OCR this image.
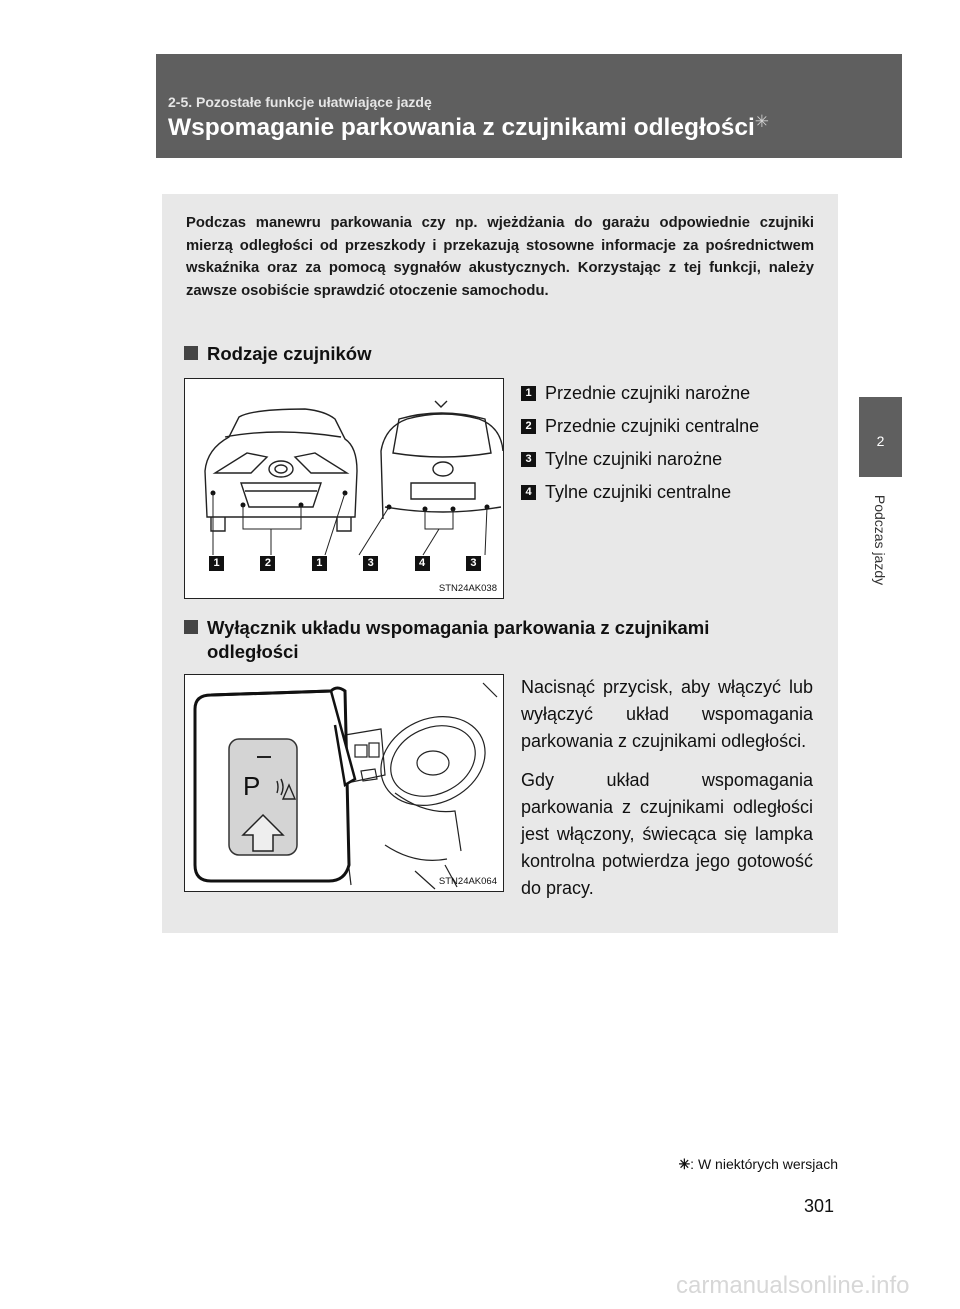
2-5. Pozostałe funkcje ułatwiające jazdę
Wspomaganie parkowania z czujnikami odległości✳
2
Podczas jazdy
Podczas manewru parkowania czy np. wjeżdżania do garażu odpowiednie czujniki mierzą odległości od przeszkody i przekazują stosowne informacje za pośrednictwem wskaźnika oraz za pomocą sygnałów akustycznych. Korzystając z tej funkcji, należy zawsze osobiście sprawdzić otoczenie samochodu.
Rodzaje czujników
1	2	1	3	4	3
STN24AK038
1 Przednie czujniki narożne
2 Przednie czujniki centralne
3 Tylne czujniki narożne
4 Tylne czujniki centralne
Wyłącznik układu wspomagania parkowania z czujnikami
odległości
P
STN24AK064

Nacisnąć przycisk, aby włączyć lub wyłączyć układ wspomagania parkowania z czujnikami odległości.

Gdy układ wspomagania parkowania z czujnikami odległości jest włączony, świecąca się lampka kontrolna potwierdza jego gotowość do pracy.

✳: W niektórych wersjach
301
carmanualsonline.info
